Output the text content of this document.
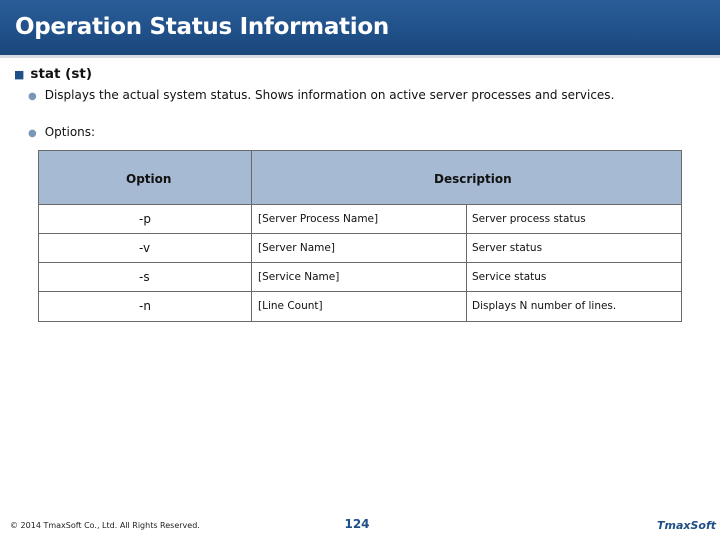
Operation Status Information
■ stat (st)
● Displays the actual system status. Shows information on active server processes and services.
● Options:
Option	Description
-p	[Server Process Name]	Server process status
-v	[Server Name]	Server status
-s	[Service Name]	Service status
-n	[Line Count]	Displays N number of lines.
© 2014 TmaxSoft Co., Ltd. All Rights Reserved.	124	TmaxSoft
